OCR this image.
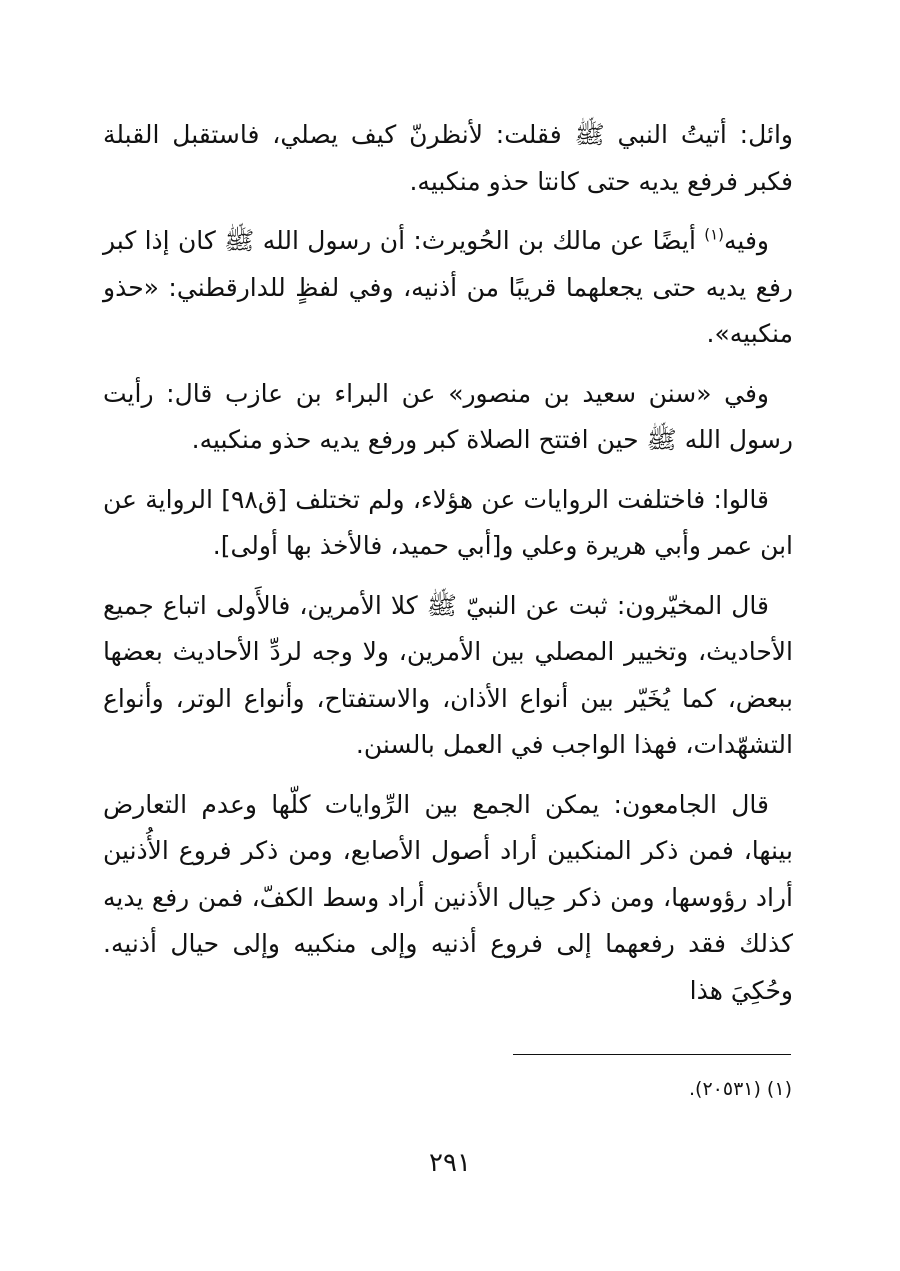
وائل: أتيتُ النبي ﷺ فقلت: لأنظرنّ كيف يصلي، فاستقبل القبلة فكبر فرفع يديه حتى كانتا حذو منكبيه.

وفيه$^{(١)}$ أيضًا عن مالك بن الحُويرث: أن رسول الله ﷺ كان إذا كبر رفع يديه حتى يجعلهما قريبًا من أذنيه، وفي لفظٍ للدارقطني: «حذو منكبيه».

وفي «سنن سعيد بن منصور» عن البراء بن عازب قال: رأيت رسول الله ﷺ حين افتتح الصلاة كبر ورفع يديه حذو منكبيه.

قالوا: فاختلفت الروايات عن هؤلاء، ولم تختلف [ق٩٨] الرواية عن ابن عمر وأبي هريرة وعلي و[أبي حميد، فالأخذ بها أولى].

قال المخيّرون: ثبت عن النبيّ ﷺ كلا الأمرين، فالأَولى اتباع جميع الأحاديث، وتخيير المصلي بين الأمرين، ولا وجه لردِّ الأحاديث بعضها ببعض، كما يُخَيّر بين أنواع الأذان، والاستفتاح، وأنواع الوتر، وأنواع التشهّدات، فهذا الواجب في العمل بالسنن.

قال الجامعون: يمكن الجمع بين الرِّوايات كلّها وعدم التعارض بينها، فمن ذكر المنكبين أراد أصول الأصابع، ومن ذكر فروع الأُذنين أراد رؤوسها، ومن ذكر حِيال الأذنين أراد وسط الكفّ، فمن رفع يديه كذلك فقد رفعهما إلى فروع أذنيه وإلى منكبيه وإلى حيال أذنيه. وحُكِيَ هذا

(١) (٢٠٥٣١).
٢٩١
